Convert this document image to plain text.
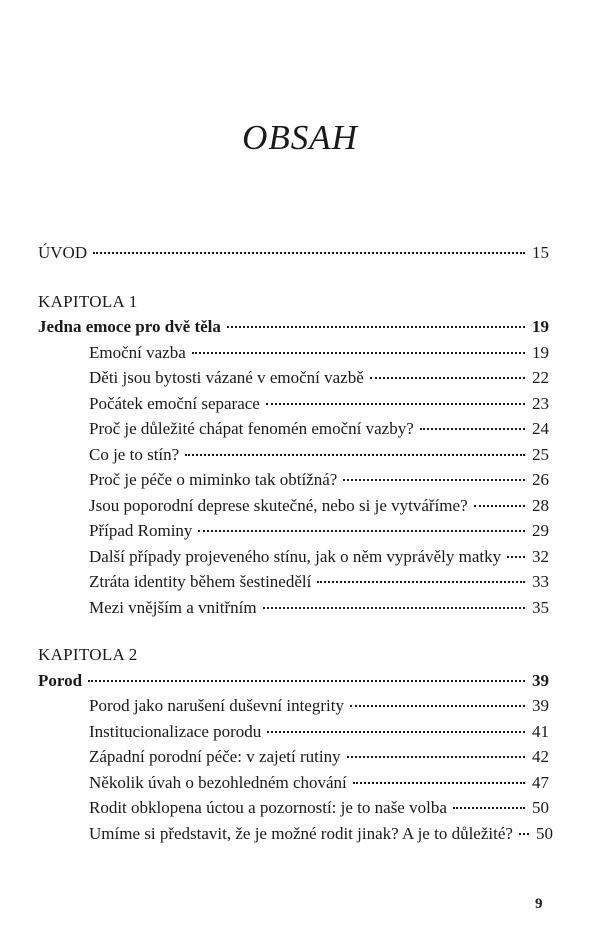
OBSAH
ÚVOD	15
KAPITOLA 1
Jedna emoce pro dvě těla	19
Emoční vazba	19
Děti jsou bytosti vázané v emoční vazbě	22
Počátek emoční separace	23
Proč je důležité chápat fenomén emoční vazby?	24
Co je to stín?	25
Proč je péče o miminko tak obtížná?	26
Jsou poporodní deprese skutečné, nebo si je vytváříme?	28
Případ Rominy	29
Další případy projeveného stínu, jak o něm vyprávěly matky 32
Ztráta identity během šestinedělí	33
Mezi vnějším a vnitřním	35
KAPITOLA 2
Porod	39
Porod jako narušení duševní integrity	39
Institucionalizace porodu	41
Západní porodní péče: v zajetí rutiny	42
Několik úvah o bezohledném chování	47
Rodit obklopena úctou a pozorností: je to naše volba	50
Umíme si představit, že je možné rodit jinak? A je to důležité? 50
9
